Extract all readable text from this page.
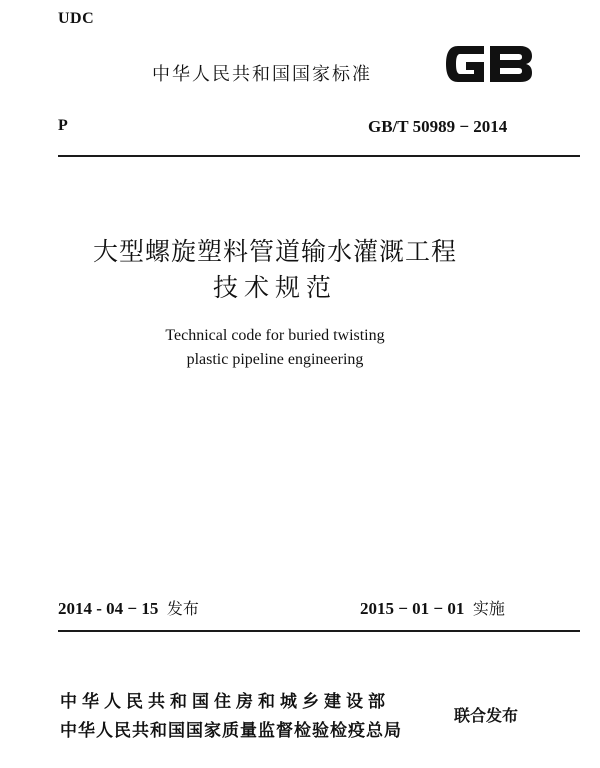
UDC
中华人民共和国国家标准
P	GB/T 50989 − 2014
大型螺旋塑料管道输水灌溉工程
技术规范
Technical code for buried twisting
plastic pipeline engineering
2014 - 04 − 15 发布	2015 − 01 − 01 实施
中华人民共和国住房和城乡建设部
中华人民共和国国家质量监督检验检疫总局
联合发布
